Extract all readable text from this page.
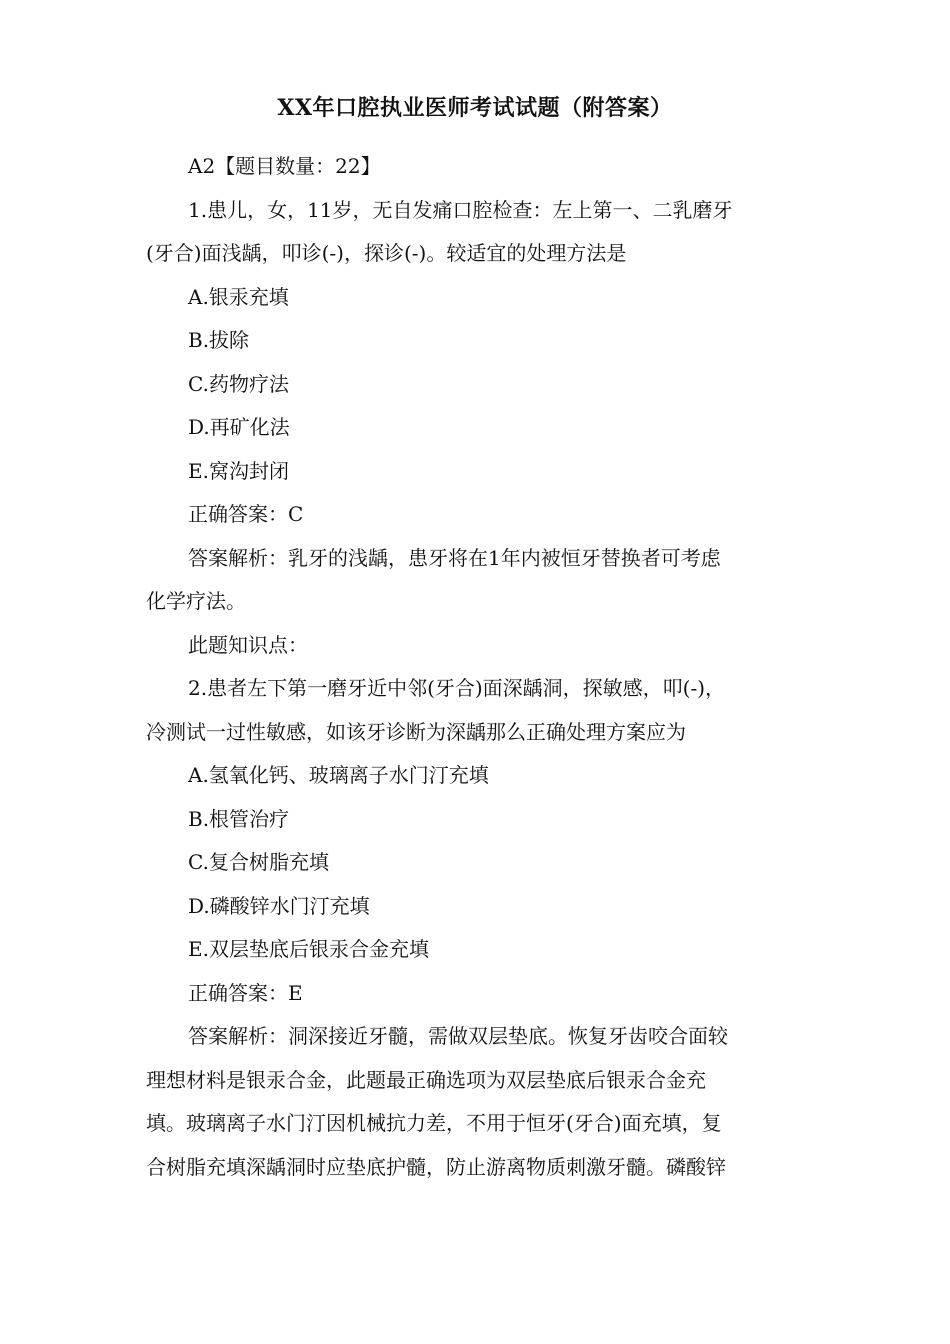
XX年口腔执业医师考试试题（附答案）

A2【题目数量：22】

1.患儿，女，11岁，无自发痛口腔检查：左上第一、二乳磨牙

(牙合)面浅龋，叩诊(-)，探诊(-)。较适宜的处理方法是

A.银汞充填

B.拔除

C.药物疗法

D.再矿化法

E.窝沟封闭

正确答案：C

答案解析：乳牙的浅龋，患牙将在1年内被恒牙替换者可考虑

化学疗法。

此题知识点：

2.患者左下第一磨牙近中邻(牙合)面深龋洞，探敏感，叩(-)，

冷测试一过性敏感，如该牙诊断为深龋那么正确处理方案应为

A.氢氧化钙、玻璃离子水门汀充填

B.根管治疗

C.复合树脂充填

D.磷酸锌水门汀充填

E.双层垫底后银汞合金充填

正确答案：E

答案解析：洞深接近牙髓，需做双层垫底。恢复牙齿咬合面较

理想材料是银汞合金，此题最正确选项为双层垫底后银汞合金充

填。玻璃离子水门汀因机械抗力差，不用于恒牙(牙合)面充填，复

合树脂充填深龋洞时应垫底护髓，防止游离物质刺激牙髓。磷酸锌
